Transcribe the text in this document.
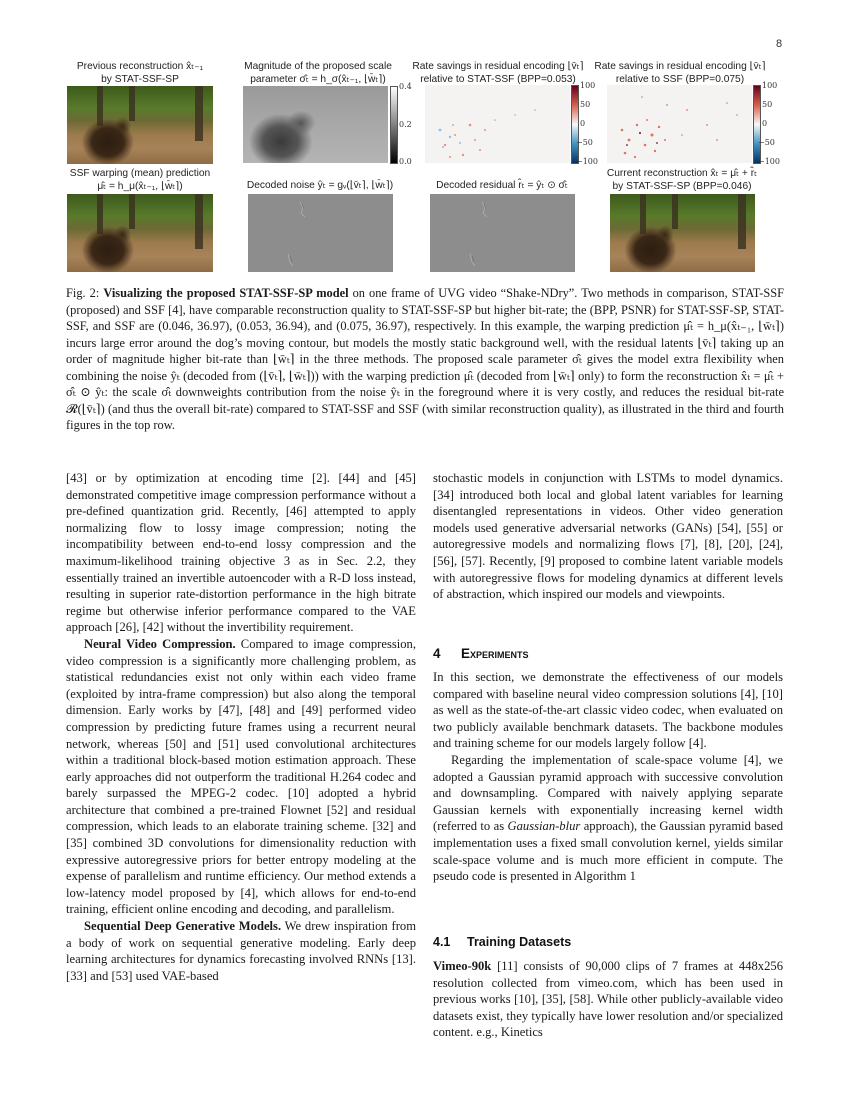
8
Previous reconstruction x̂ₜ₋₁
by STAT-SSF-SP
Magnitude of the proposed scale
parameter σ̂ₜ = h_σ(x̂ₜ₋₁, ⌊w̄ₜ⌉)
Rate savings in residual encoding ⌊v̄ₜ⌉
relative to STAT-SSF (BPP=0.053)
Rate savings in residual encoding ⌊v̄ₜ⌉
relative to SSF (BPP=0.075)
0.4
0.2
0.0
100
50
0
−50
−100
100
50
0
−50
−100
SSF warping (mean) prediction
μ̂ₜ = h_μ(x̂ₜ₋₁, ⌊w̄ₜ⌉)	Decoded noise ŷₜ = gᵥ(⌊v̄ₜ⌉, ⌊w̄ₜ⌉)	Decoded residual r̂ₜ = ŷₜ ⊙ σ̂ₜ
Current reconstruction x̂ₜ = μ̂ₜ + r̂ₜ
by STAT-SSF-SP (BPP=0.046)
Fig. 2: Visualizing the proposed STAT-SSF-SP model on one frame of UVG video “Shake-NDry”. Two methods in comparison, STAT-SSF (proposed) and SSF [4], have comparable reconstruction quality to STAT-SSF-SP but higher bit-rate; the (BPP, PSNR) for STAT-SSF-SP, STAT-SSF, and SSF are (0.046, 36.97), (0.053, 36.94), and (0.075, 36.97), respectively. In this example, the warping prediction μ̂ₜ = h_μ(x̂ₜ₋₁, ⌊w̄ₜ⌉) incurs large error around the dog’s moving contour, but models the mostly static background well, with the residual latents ⌊v̄ₜ⌉ taking up an order of magnitude higher bit-rate than ⌊w̄ₜ⌉ in the three methods. The proposed scale parameter σ̂ₜ gives the model extra flexibility when combining the noise ŷₜ (decoded from (⌊v̄ₜ⌉, ⌊w̄ₜ⌉)) with the warping prediction μ̂ₜ (decoded from ⌊w̄ₜ⌉ only) to form the reconstruction x̂ₜ = μ̂ₜ + σ̂ₜ ⊙ ŷₜ: the scale σ̂ₜ downweights contribution from the noise ŷₜ in the foreground where it is very costly, and reduces the residual bit-rate 𝓡(⌊v̄ₜ⌉) (and thus the overall bit-rate) compared to STAT-SSF and SSF (with similar reconstruction quality), as illustrated in the third and fourth figures in the top row.

[43] or by optimization at encoding time [2]. [44] and [45] demonstrated competitive image compression performance without a pre-defined quantization grid. Recently, [46] attempted to apply normalizing flow to lossy image compression; noting the incompatibility between end-to-end lossy compression and the maximum-likelihood training objective 3 as in Sec. 2.2, they essentially trained an invertible autoencoder with a R-D loss instead, resulting in superior rate-distortion performance in the high bitrate regime but otherwise inferior performance compared to the VAE approach [26], [42] without the invertibility requirement.

Neural Video Compression. Compared to image compression, video compression is a significantly more challenging problem, as statistical redundancies exist not only within each video frame (exploited by intra-frame compression) but also along the temporal dimension. Early works by [47], [48] and [49] performed video compression by predicting future frames using a recurrent neural network, whereas [50] and [51] used convolutional architectures within a traditional block-based motion estimation approach. These early approaches did not outperform the traditional H.264 codec and barely surpassed the MPEG-2 codec. [10] adopted a hybrid architecture that combined a pre-trained Flownet [52] and residual compression, which leads to an elaborate training scheme. [32] and [35] combined 3D convolutions for dimensionality reduction with expressive autoregressive priors for better entropy modeling at the expense of parallelism and runtime efficiency. Our method extends a low-latency model proposed by [4], which allows for end-to-end training, efficient online encoding and decoding, and parallelism.

Sequential Deep Generative Models. We drew inspiration from a body of work on sequential generative modeling. Early deep learning architectures for dynamics forecasting involved RNNs [13]. [33] and [53] used VAE-based

stochastic models in conjunction with LSTMs to model dynamics. [34] introduced both local and global latent variables for learning disentangled representations in videos. Other video generation models used generative adversarial networks (GANs) [54], [55] or autoregressive models and normalizing flows [7], [8], [20], [24], [56], [57]. Recently, [9] proposed to combine latent variable models with autoregressive flows for modeling dynamics at different levels of abstraction, which inspired our models and viewpoints.

4 Experiments

In this section, we demonstrate the effectiveness of our models compared with baseline neural video compression solutions [4], [10] as well as the state-of-the-art classic video codec, when evaluated on two publicly available benchmark datasets. The backbone modules and training scheme for our models largely follow [4].

Regarding the implementation of scale-space volume [4], we adopted a Gaussian pyramid approach with successive convolution and downsampling. Compared with naively applying separate Gaussian kernels with exponentially increasing kernel width (referred to as Gaussian-blur approach), the Gaussian pyramid based implementation uses a fixed small convolution kernel, yields similar scale-space volume and is much more efficient in compute. The pseudo code is presented in Algorithm 1

4.1 Training Datasets

Vimeo-90k [11] consists of 90,000 clips of 7 frames at 448x256 resolution collected from vimeo.com, which has been used in previous works [10], [35], [58]. While other publicly-available video datasets exist, they typically have lower resolution and/or specialized content. e.g., Kinetics
